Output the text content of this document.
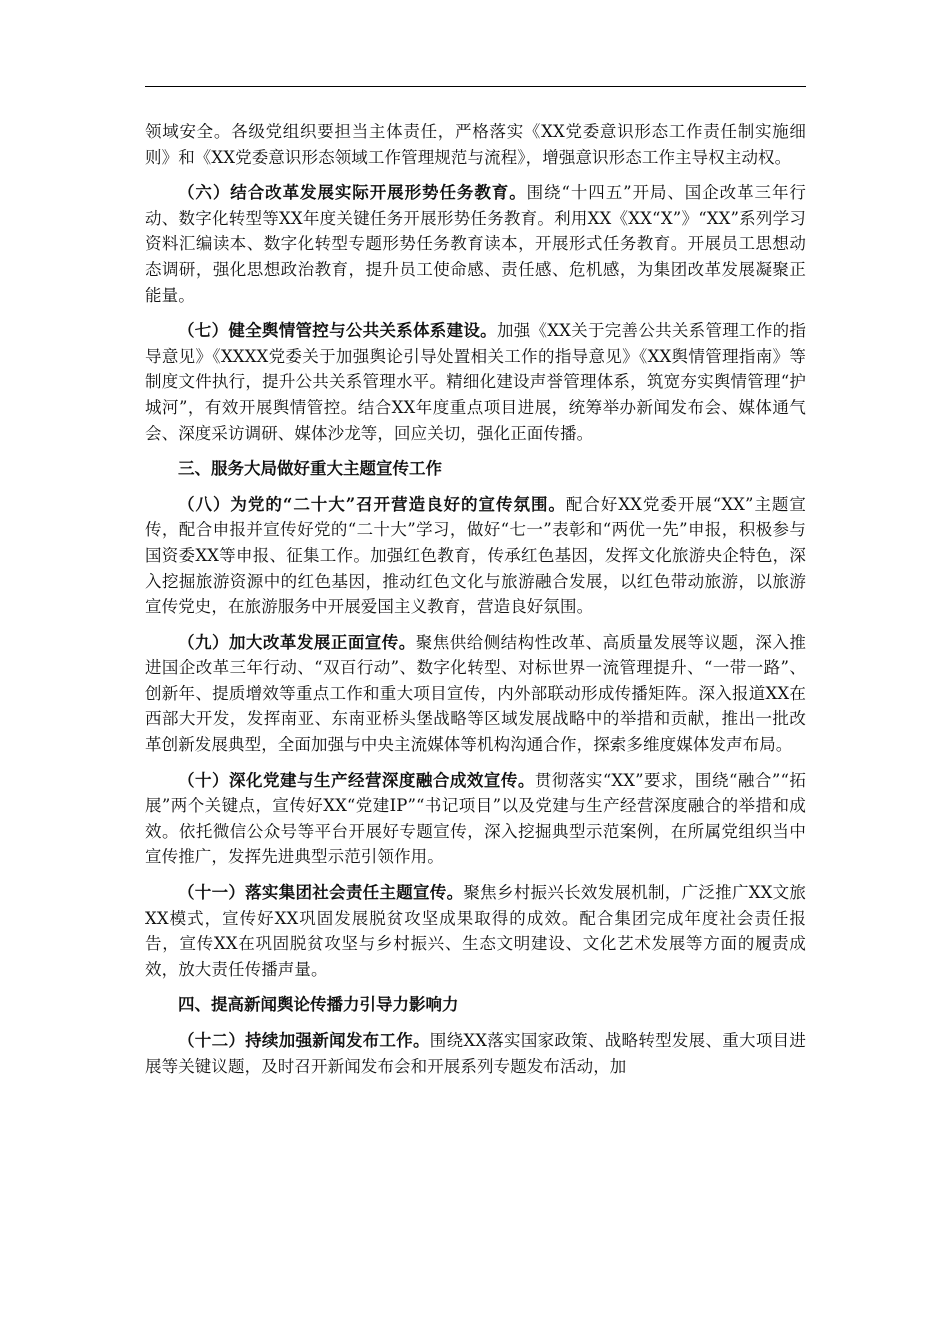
领域安全。各级党组织要担当主体责任，严格落实《XX党委意识形态工作责任制实施细则》和《XX党委意识形态领域工作管理规范与流程》，增强意识形态工作主导权主动权。

（六）结合改革发展实际开展形势任务教育。围绕“十四五”开局、国企改革三年行动、数字化转型等XX年度关键任务开展形势任务教育。利用XX《XX“X”》“XX”系列学习资料汇编读本、数字化转型专题形势任务教育读本，开展形式任务教育。开展员工思想动态调研，强化思想政治教育，提升员工使命感、责任感、危机感，为集团改革发展凝聚正能量。

（七）健全舆情管控与公共关系体系建设。加强《XX关于完善公共关系管理工作的指导意见》《XXXX党委关于加强舆论引导处置相关工作的指导意见》《XX舆情管理指南》等制度文件执行，提升公共关系管理水平。精细化建设声誉管理体系，筑宽夯实舆情管理“护城河”，有效开展舆情管控。结合XX年度重点项目进展，统筹举办新闻发布会、媒体通气会、深度采访调研、媒体沙龙等，回应关切，强化正面传播。

三、服务大局做好重大主题宣传工作

（八）为党的“二十大”召开营造良好的宣传氛围。配合好XX党委开展“XX”主题宣传，配合申报并宣传好党的“二十大”学习，做好“七一”表彰和“两优一先”申报，积极参与国资委XX等申报、征集工作。加强红色教育，传承红色基因，发挥文化旅游央企特色，深入挖掘旅游资源中的红色基因，推动红色文化与旅游融合发展，以红色带动旅游，以旅游宣传党史，在旅游服务中开展爱国主义教育，营造良好氛围。

（九）加大改革发展正面宣传。聚焦供给侧结构性改革、高质量发展等议题，深入推进国企改革三年行动、“双百行动”、数字化转型、对标世界一流管理提升、“一带一路”、创新年、提质增效等重点工作和重大项目宣传，内外部联动形成传播矩阵。深入报道XX在西部大开发，发挥南亚、东南亚桥头堡战略等区域发展战略中的举措和贡献，推出一批改革创新发展典型，全面加强与中央主流媒体等机构沟通合作，探索多维度媒体发声布局。

（十）深化党建与生产经营深度融合成效宣传。贯彻落实“XX”要求，围绕“融合”“拓展”两个关键点，宣传好XX“党建IP”“书记项目”以及党建与生产经营深度融合的举措和成效。依托微信公众号等平台开展好专题宣传，深入挖掘典型示范案例，在所属党组织当中宣传推广，发挥先进典型示范引领作用。

（十一）落实集团社会责任主题宣传。聚焦乡村振兴长效发展机制，广泛推广XX文旅XX模式，宣传好XX巩固发展脱贫攻坚成果取得的成效。配合集团完成年度社会责任报告，宣传XX在巩固脱贫攻坚与乡村振兴、生态文明建设、文化艺术发展等方面的履责成效，放大责任传播声量。

四、提高新闻舆论传播力引导力影响力

（十二）持续加强新闻发布工作。围绕XX落实国家政策、战略转型发展、重大项目进展等关键议题，及时召开新闻发布会和开展系列专题发布活动，加
